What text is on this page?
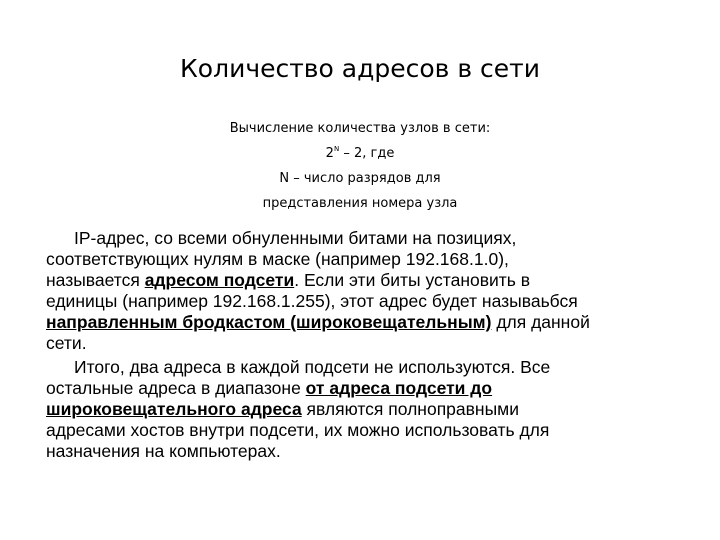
Количество адресов в сети
Вычисление количества узлов в сети:
$2^N - 2$, где
N – число разрядов для
представления номера узла
IP-адрес, со всеми обнуленными битами на позициях,
соответствующих нулям в маске (например 192.168.1.0),
называется адресом подсети. Если эти биты установить в
единицы (например 192.168.1.255), этот адрес будет называьбся
направленным бродкастом (широковещательным) для данной
сети.
Итого, два адреса в каждой подсети не используются. Все
остальные адреса в диапазоне от адреса подсети до
широковещательного адреса являются полноправными
адресами хостов внутри подсети, их можно использовать для
назначения на компьютерах.
